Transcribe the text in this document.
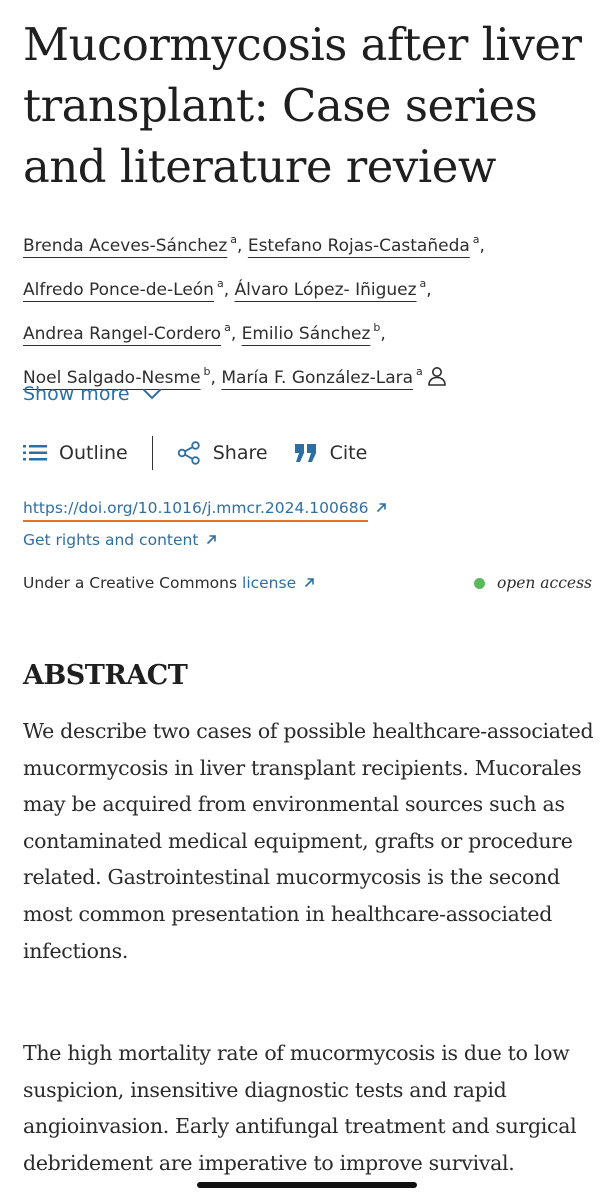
Mucormycosis after liver transplant: Case series and literature review
Brenda Aceves-Sánchez $^a$, Estefano Rojas-Castañeda $^a$,
Alfredo Ponce-de-León $^a$, Álvaro López- Iñiguez $^a$,
Andrea Rangel-Cordero $^a$, Emilio Sánchez $^b$,
Noel Salgado-Nesme $^b$, María F. González-Lara $^a$
Show more
Outline	Share	Cite
https://doi.org/10.1016/j.mmcr.2024.100686
Get rights and content
Under a Creative Commons license	open access
ABSTRACT

We describe two cases of possible healthcare-associated mucormycosis in liver transplant recipients. Mucorales may be acquired from environmental sources such as contaminated medical equipment, grafts or procedure related. Gastrointestinal mucormycosis is the second most common presentation in healthcare-associated infections.

The high mortality rate of mucormycosis is due to low suspicion, insensitive diagnostic tests and rapid angioinvasion. Early antifungal treatment and surgical debridement are imperative to improve survival.
